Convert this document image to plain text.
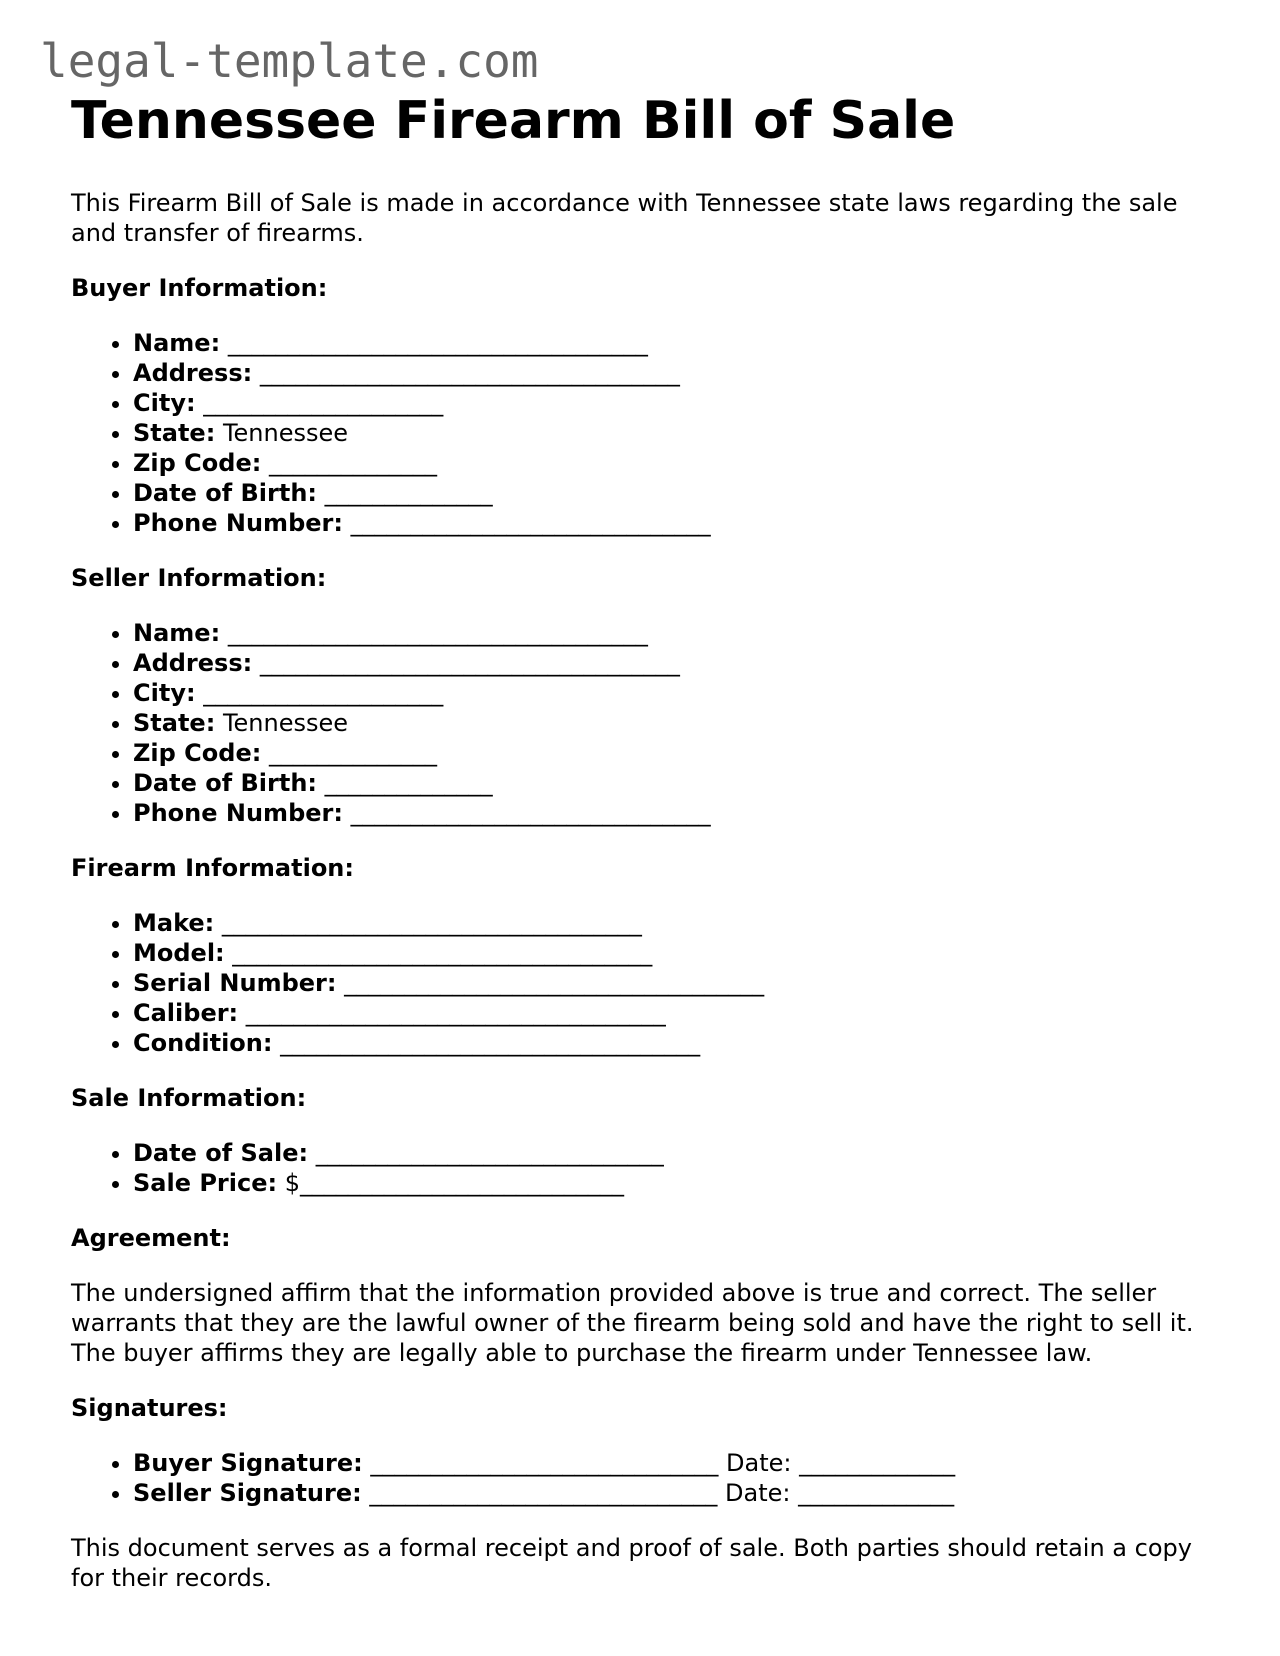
legal-template.com
Tennessee Firearm Bill of Sale

This Firearm Bill of Sale is made in accordance with Tennessee state laws regarding the sale and transfer of firearms.

Buyer Information:
• Name: ___________________________________
• Address: ___________________________________
• City: ____________________
• State: Tennessee
• Zip Code: ______________
• Date of Birth: ______________
• Phone Number: ______________________________
Seller Information:
• Name: ___________________________________
• Address: ___________________________________
• City: ____________________
• State: Tennessee
• Zip Code: ______________
• Date of Birth: ______________
• Phone Number: ______________________________
Firearm Information:
• Make: ___________________________________
• Model: ___________________________________
• Serial Number: ___________________________________
• Caliber: ___________________________________
• Condition: ___________________________________
Sale Information:
• Date of Sale: _____________________________
• Sale Price: $___________________________
Agreement:

The undersigned affirm that the information provided above is true and correct. The seller warrants that they are the lawful owner of the firearm being sold and have the right to sell it. The buyer affirms they are legally able to purchase the firearm under Tennessee law.

Signatures:
• Buyer Signature: _____________________________ Date: _____________
• Seller Signature: _____________________________ Date: _____________

This document serves as a formal receipt and proof of sale. Both parties should retain a copy for their records.
